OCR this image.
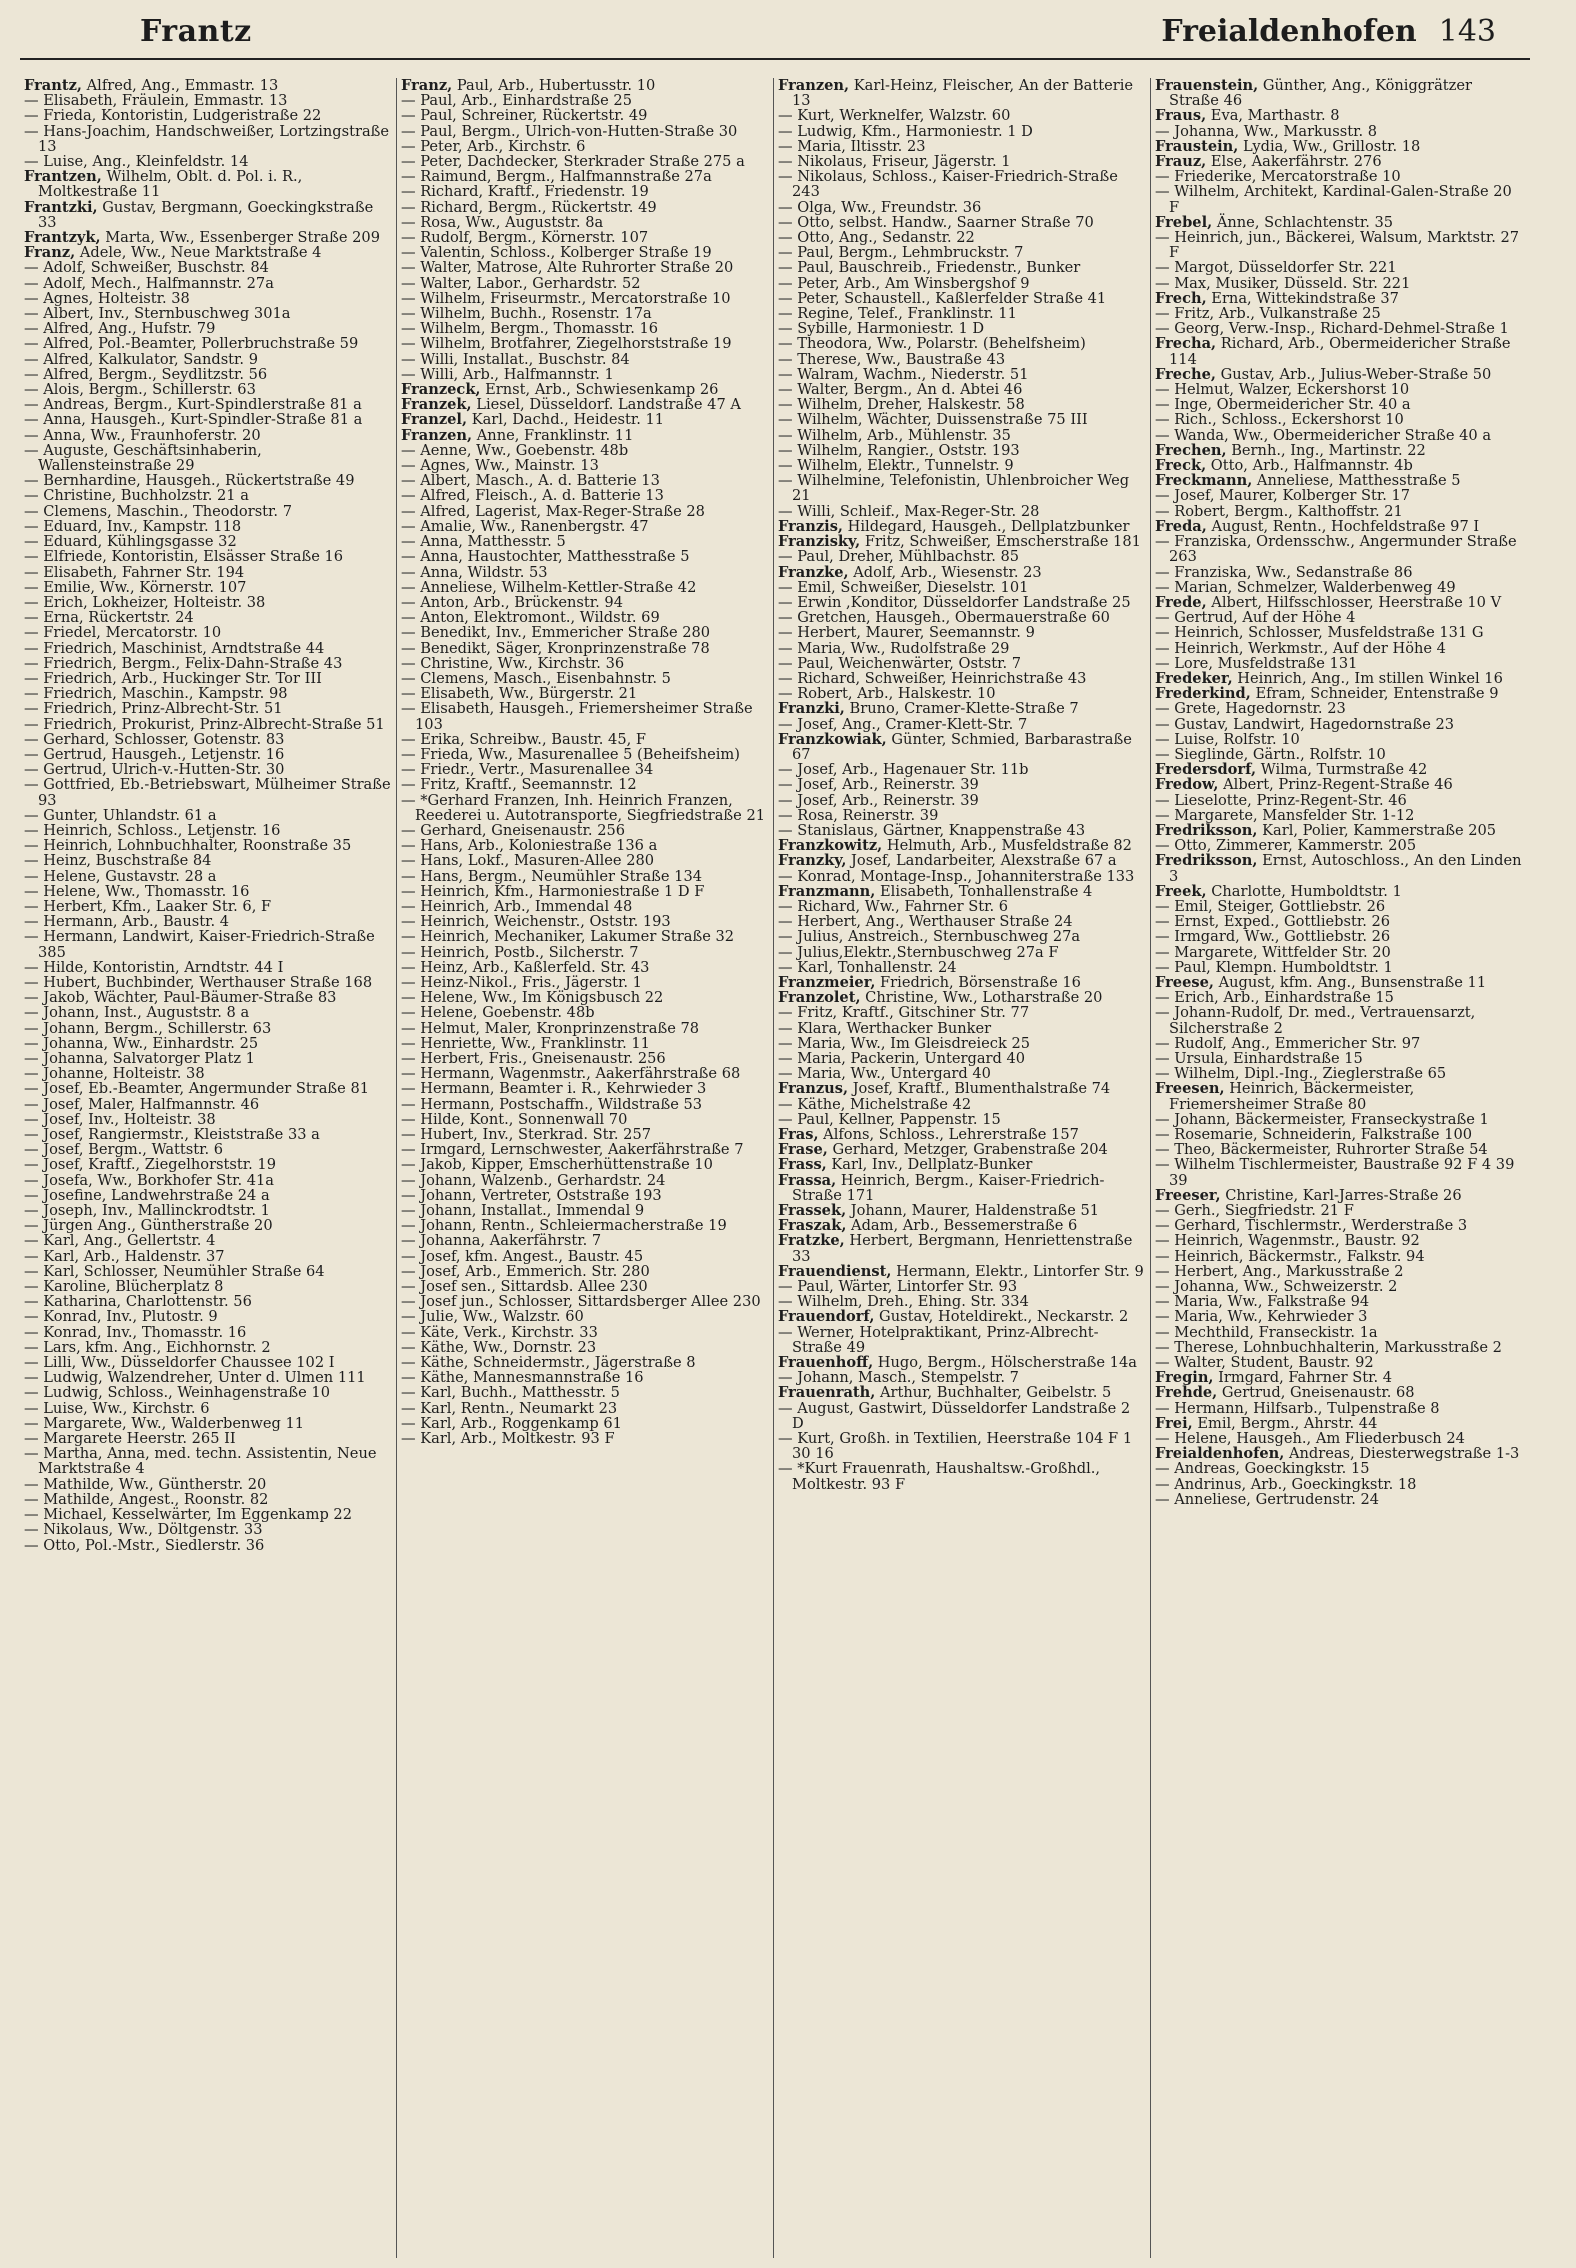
Frantz	Freialdenhofen 143
Frantz, Alfred, Ang., Emmastr. 13
— Elisabeth, Fräulein, Emmastr. 13
— Frieda, Kontoristin, Ludgeristraße 22
— Hans-Joachim, Handschweißer, Lortzingstraße 13
— Luise, Ang., Kleinfeldstr. 14
Frantzen, Wilhelm, Oblt. d. Pol. i. R., Moltkestraße 11
Frantzki, Gustav, Bergmann, Goeckingkstraße 33
Frantzyk, Marta, Ww., Essenberger Straße 209
Franz, Adele, Ww., Neue Marktstraße 4
— Adolf, Schweißer, Buschstr. 84
— Adolf, Mech., Halfmannstr. 27a
— Agnes, Holteistr. 38
— Albert, Inv., Sternbuschweg 301a
— Alfred, Ang., Hufstr. 79
— Alfred, Pol.-Beamter, Pollerbruchstraße 59
— Alfred, Kalkulator, Sandstr. 9
— Alfred, Bergm., Seydlitzstr. 56
— Alois, Bergm., Schillerstr. 63
— Andreas, Bergm., Kurt-Spindlerstraße 81 a
— Anna, Hausgeh., Kurt-Spindler-Straße 81 a
— Anna, Ww., Fraunhoferstr. 20
— Auguste, Geschäftsinhaberin, Wallensteinstraße 29
— Bernhardine, Hausgeh., Rückertstraße 49
— Christine, Buchholzstr. 21 a
— Clemens, Maschin., Theodorstr. 7
— Eduard, Inv., Kampstr. 118
— Eduard, Kühlingsgasse 32
— Elfriede, Kontoristin, Elsässer Straße 16
— Elisabeth, Fahrner Str. 194
— Emilie, Ww., Körnerstr. 107
— Erich, Lokheizer, Holteistr. 38
— Erna, Rückertstr. 24
— Friedel, Mercatorstr. 10
— Friedrich, Maschinist, Arndtstraße 44
— Friedrich, Bergm., Felix-Dahn-Straße 43
— Friedrich, Arb., Huckinger Str. Tor III
— Friedrich, Maschin., Kampstr. 98
— Friedrich, Prinz-Albrecht-Str. 51
— Friedrich, Prokurist, Prinz-Albrecht-Straße 51
— Gerhard, Schlosser, Gotenstr. 83
— Gertrud, Hausgeh., Letjenstr. 16
— Gertrud, Ulrich-v.-Hutten-Str. 30
— Gottfried, Eb.-Betriebswart, Mülheimer Straße 93
— Gunter, Uhlandstr. 61 a
— Heinrich, Schloss., Letjenstr. 16
— Heinrich, Lohnbuchhalter, Roonstraße 35
— Heinz, Buschstraße 84
— Helene, Gustavstr. 28 a
— Helene, Ww., Thomasstr. 16
— Herbert, Kfm., Laaker Str. 6, F
— Hermann, Arb., Baustr. 4
— Hermann, Landwirt, Kaiser-Friedrich-Straße 385
— Hilde, Kontoristin, Arndtstr. 44 I
— Hubert, Buchbinder, Werthauser Straße 168
— Jakob, Wächter, Paul-Bäumer-Straße 83
— Johann, Inst., Auguststr. 8 a
— Johann, Bergm., Schillerstr. 63
— Johanna, Ww., Einhardstr. 25
— Johanna, Salvatorger Platz 1
— Johanne, Holteistr. 38
— Josef, Eb.-Beamter, Angermunder Straße 81
— Josef, Maler, Halfmannstr. 46
— Josef, Inv., Holteistr. 38
— Josef, Rangiermstr., Kleiststraße 33 a
— Josef, Bergm., Wattstr. 6
— Josef, Kraftf., Ziegelhorststr. 19
— Josefa, Ww., Borkhofer Str. 41a
— Josefine, Landwehrstraße 24 a
— Joseph, Inv., Mallinckrodtstr. 1
— Jürgen Ang., Güntherstraße 20
— Karl, Ang., Gellertstr. 4
— Karl, Arb., Haldenstr. 37
— Karl, Schlosser, Neumühler Straße 64
— Karoline, Blücherplatz 8
— Katharina, Charlottenstr. 56
— Konrad, Inv., Plutostr. 9
— Konrad, Inv., Thomasstr. 16
— Lars, kfm. Ang., Eichhornstr. 2
— Lilli, Ww., Düsseldorfer Chaussee 102 I
— Ludwig, Walzendreher, Unter d. Ulmen 111
— Ludwig, Schloss., Weinhagenstraße 10
— Luise, Ww., Kirchstr. 6
— Margarete, Ww., Walderbenweg 11
— Margarete Heerstr. 265 II
— Martha, Anna, med. techn. Assistentin, Neue Marktstraße 4
— Mathilde, Ww., Güntherstr. 20
— Mathilde, Angest., Roonstr. 82
— Michael, Kesselwärter, Im Eggenkamp 22
— Nikolaus, Ww., Döltgenstr. 33
— Otto, Pol.-Mstr., Siedlerstr. 36
Franz, Paul, Arb., Hubertusstr. 10
— Paul, Arb., Einhardstraße 25
— Paul, Schreiner, Rückertstr. 49
— Paul, Bergm., Ulrich-von-Hutten-Straße 30
— Peter, Arb., Kirchstr. 6
— Peter, Dachdecker, Sterkrader Straße 275 a
— Raimund, Bergm., Halfmannstraße 27a
— Richard, Kraftf., Friedenstr. 19
— Richard, Bergm., Rückertstr. 49
— Rosa, Ww., Auguststr. 8a
— Rudolf, Bergm., Körnerstr. 107
— Valentin, Schloss., Kolberger Straße 19
— Walter, Matrose, Alte Ruhrorter Straße 20
— Walter, Labor., Gerhardstr. 52
— Wilhelm, Friseurmstr., Mercatorstraße 10
— Wilhelm, Buchh., Rosenstr. 17a
— Wilhelm, Bergm., Thomasstr. 16
— Wilhelm, Brotfahrer, Ziegelhorststraße 19
— Willi, Installat., Buschstr. 84
— Willi, Arb., Halfmannstr. 1
Franzeck, Ernst, Arb., Schwiesenkamp 26
Franzek, Liesel, Düsseldorf. Landstraße 47 A
Franzel, Karl, Dachd., Heidestr. 11
Franzen, Anne, Franklinstr. 11
— Aenne, Ww., Goebenstr. 48b
— Agnes, Ww., Mainstr. 13
— Albert, Masch., A. d. Batterie 13
— Alfred, Fleisch., A. d. Batterie 13
— Alfred, Lagerist, Max-Reger-Straße 28
— Amalie, Ww., Ranenbergstr. 47
— Anna, Matthesstr. 5
— Anna, Haustochter, Matthesstraße 5
— Anna, Wildstr. 53
— Anneliese, Wilhelm-Kettler-Straße 42
— Anton, Arb., Brückenstr. 94
— Anton, Elektromont., Wildstr. 69
— Benedikt, Inv., Emmericher Straße 280
— Benedikt, Säger, Kronprinzenstraße 78
— Christine, Ww., Kirchstr. 36
— Clemens, Masch., Eisenbahnstr. 5
— Elisabeth, Ww., Bürgerstr. 21
— Elisabeth, Hausgeh., Friemersheimer Straße 103
— Erika, Schreibw., Baustr. 45, F
— Frieda, Ww., Masurenallee 5 (Beheifsheim)
— Friedr., Vertr., Masurenallee 34
— Fritz, Kraftf., Seemannstr. 12
— *Gerhard Franzen, Inh. Heinrich Franzen, Reederei u. Autotransporte, Siegfriedstraße 21
— Gerhard, Gneisenaustr. 256
— Hans, Arb., Koloniestraße 136 a
— Hans, Lokf., Masuren-Allee 280
— Hans, Bergm., Neumühler Straße 134
— Heinrich, Kfm., Harmoniestraße 1 D F
— Heinrich, Arb., Immendal 48
— Heinrich, Weichenstr., Oststr. 193
— Heinrich, Mechaniker, Lakumer Straße 32
— Heinrich, Postb., Silcherstr. 7
— Heinz, Arb., Kaßlerfeld. Str. 43
— Heinz-Nikol., Fris., Jägerstr. 1
— Helene, Ww., Im Königsbusch 22
— Helene, Goebenstr. 48b
— Helmut, Maler, Kronprinzenstraße 78
— Henriette, Ww., Franklinstr. 11
— Herbert, Fris., Gneisenaustr. 256
— Hermann, Wagenmstr., Aakerfährstraße 68
— Hermann, Beamter i. R., Kehrwieder 3
— Hermann, Postschaffn., Wildstraße 53
— Hilde, Kont., Sonnenwall 70
— Hubert, Inv., Sterkrad. Str. 257
— Irmgard, Lernschwester, Aakerfährstraße 7
— Jakob, Kipper, Emscherhüttenstraße 10
— Johann, Walzenb., Gerhardstr. 24
— Johann, Vertreter, Oststraße 193
— Johann, Installat., Immendal 9
— Johann, Rentn., Schleiermacherstraße 19
— Johanna, Aakerfährstr. 7
— Josef, kfm. Angest., Baustr. 45
— Josef, Arb., Emmerich. Str. 280
— Josef sen., Sittardsb. Allee 230
— Josef jun., Schlosser, Sittardsberger Allee 230
— Julie, Ww., Walzstr. 60
— Käte, Verk., Kirchstr. 33
— Käthe, Ww., Dornstr. 23
— Käthe, Schneidermstr., Jägerstraße 8
— Käthe, Mannesmannstraße 16
— Karl, Buchh., Matthesstr. 5
— Karl, Rentn., Neumarkt 23
— Karl, Arb., Roggenkamp 61
— Karl, Arb., Moltkestr. 93 F
Franzen, Karl-Heinz, Fleischer, An der Batterie 13
— Kurt, Werknelfer, Walzstr. 60
— Ludwig, Kfm., Harmoniestr. 1 D
— Maria, Iltisstr. 23
— Nikolaus, Friseur, Jägerstr. 1
— Nikolaus, Schloss., Kaiser-Friedrich-Straße 243
— Olga, Ww., Freundstr. 36
— Otto, selbst. Handw., Saarner Straße 70
— Otto, Ang., Sedanstr. 22
— Paul, Bergm., Lehmbruckstr. 7
— Paul, Bauschreib., Friedenstr., Bunker
— Peter, Arb., Am Winsbergshof 9
— Peter, Schaustell., Kaßlerfelder Straße 41
— Regine, Telef., Franklinstr. 11
— Sybille, Harmoniestr. 1 D
— Theodora, Ww., Polarstr. (Behelfsheim)
— Therese, Ww., Baustraße 43
— Walram, Wachm., Niederstr. 51
— Walter, Bergm., An d. Abtei 46
— Wilhelm, Dreher, Halskestr. 58
— Wilhelm, Wächter, Duissenstraße 75 III
— Wilhelm, Arb., Mühlenstr. 35
— Wilhelm, Rangier., Oststr. 193
— Wilhelm, Elektr., Tunnelstr. 9
— Wilhelmine, Telefonistin, Uhlenbroicher Weg 21
— Willi, Schleif., Max-Reger-Str. 28
Franzis, Hildegard, Hausgeh., Dellplatzbunker
Franzisky, Fritz, Schweißer, Emscherstraße 181
— Paul, Dreher, Mühlbachstr. 85
Franzke, Adolf, Arb., Wiesenstr. 23
— Emil, Schweißer, Dieselstr. 101
— Erwin ,Konditor, Düsseldorfer Landstraße 25
— Gretchen, Hausgeh., Obermauerstraße 60
— Herbert, Maurer, Seemannstr. 9
— Maria, Ww., Rudolfstraße 29
— Paul, Weichenwärter, Oststr. 7
— Richard, Schweißer, Heinrichstraße 43
— Robert, Arb., Halskestr. 10
Franzki, Bruno, Cramer-Klette-Straße 7
— Josef, Ang., Cramer-Klett-Str. 7
Franzkowiak, Günter, Schmied, Barbarastraße 67
— Josef, Arb., Hagenauer Str. 11b
— Josef, Arb., Reinerstr. 39
— Josef, Arb., Reinerstr. 39
— Rosa, Reinerstr. 39
— Stanislaus, Gärtner, Knappenstraße 43
Franzkowitz, Helmuth, Arb., Musfeldstraße 82
Franzky, Josef, Landarbeiter, Alexstraße 67 a
— Konrad, Montage-Insp., Johanniterstraße 133
Franzmann, Elisabeth, Tonhallenstraße 4
— Richard, Ww., Fahrner Str. 6
— Herbert, Ang., Werthauser Straße 24
— Julius, Anstreich., Sternbuschweg 27a
— Julius,Elektr.,Sternbuschweg 27a F
— Karl, Tonhallenstr. 24
Franzmeier, Friedrich, Börsenstraße 16
Franzolet, Christine, Ww., Lotharstraße 20
— Fritz, Kraftf., Gitschiner Str. 77
— Klara, Werthacker Bunker
— Maria, Ww., Im Gleisdreieck 25
— Maria, Packerin, Untergard 40
— Maria, Ww., Untergard 40
Franzus, Josef, Kraftf., Blumenthalstraße 74
— Käthe, Michelstraße 42
— Paul, Kellner, Pappenstr. 15
Fras, Alfons, Schloss., Lehrerstraße 157
Frase, Gerhard, Metzger, Grabenstraße 204
Frass, Karl, Inv., Dellplatz-Bunker
Frassa, Heinrich, Bergm., Kaiser-Friedrich-Straße 171
Frassek, Johann, Maurer, Haldenstraße 51
Fraszak, Adam, Arb., Bessemerstraße 6
Fratzke, Herbert, Bergmann, Henriettenstraße 33
Frauendienst, Hermann, Elektr., Lintorfer Str. 9
— Paul, Wärter, Lintorfer Str. 93
— Wilhelm, Dreh., Ehing. Str. 334
Frauendorf, Gustav, Hoteldirekt., Neckarstr. 2
— Werner, Hotelpraktikant, Prinz-Albrecht-Straße 49
Frauenhoff, Hugo, Bergm., Hölscherstraße 14a
— Johann, Masch., Stempelstr. 7
Frauenrath, Arthur, Buchhalter, Geibelstr. 5
— August, Gastwirt, Düsseldorfer Landstraße 2 D
— Kurt, Großh. in Textilien, Heerstraße 104 F 1 30 16
— *Kurt Frauenrath, Haushaltsw.-Großhdl., Moltkestr. 93 F
Frauenstein, Günther, Ang., Königgrätzer Straße 46
Fraus, Eva, Marthastr. 8
— Johanna, Ww., Markusstr. 8
Fraustein, Lydia, Ww., Grillostr. 18
Frauz, Else, Aakerfährstr. 276
— Friederike, Mercatorstraße 10
— Wilhelm, Architekt, Kardinal-Galen-Straße 20 F
Frebel, Änne, Schlachtenstr. 35
— Heinrich, jun., Bäckerei, Walsum, Marktstr. 27 F
— Margot, Düsseldorfer Str. 221
— Max, Musiker, Düsseld. Str. 221
Frech, Erna, Wittekindstraße 37
— Fritz, Arb., Vulkanstraße 25
— Georg, Verw.-Insp., Richard-Dehmel-Straße 1
Frecha, Richard, Arb., Obermeidericher Straße 114
Freche, Gustav, Arb., Julius-Weber-Straße 50
— Helmut, Walzer, Eckershorst 10
— Inge, Obermeidericher Str. 40 a
— Rich., Schloss., Eckershorst 10
— Wanda, Ww., Obermeidericher Straße 40 a
Frechen, Bernh., Ing., Martinstr. 22
Freck, Otto, Arb., Halfmannstr. 4b
Freckmann, Anneliese, Matthesstraße 5
— Josef, Maurer, Kolberger Str. 17
— Robert, Bergm., Kalthoffstr. 21
Freda, August, Rentn., Hochfeldstraße 97 I
— Franziska, Ordensschw., Angermunder Straße 263
— Franziska, Ww., Sedanstraße 86
— Marian, Schmelzer, Walderbenweg 49
Frede, Albert, Hilfsschlosser, Heerstraße 10 V
— Gertrud, Auf der Höhe 4
— Heinrich, Schlosser, Musfeldstraße 131 G
— Heinrich, Werkmstr., Auf der Höhe 4
— Lore, Musfeldstraße 131
Fredeker, Heinrich, Ang., Im stillen Winkel 16
Frederkind, Efram, Schneider, Entenstraße 9
— Grete, Hagedornstr. 23
— Gustav, Landwirt, Hagedornstraße 23
— Luise, Rolfstr. 10
— Sieglinde, Gärtn., Rolfstr. 10
Fredersdorf, Wilma, Turmstraße 42
Fredow, Albert, Prinz-Regent-Straße 46
— Lieselotte, Prinz-Regent-Str. 46
— Margarete, Mansfelder Str. 1-12
Fredriksson, Karl, Polier, Kammerstraße 205
— Otto, Zimmerer, Kammerstr. 205
Fredriksson, Ernst, Autoschloss., An den Linden 3
Freek, Charlotte, Humboldtstr. 1
— Emil, Steiger, Gottliebstr. 26
— Ernst, Exped., Gottliebstr. 26
— Irmgard, Ww., Gottliebstr. 26
— Margarete, Wittfelder Str. 20
— Paul, Klempn. Humboldtstr. 1
Freese, August, kfm. Ang., Bunsenstraße 11
— Erich, Arb., Einhardstraße 15
— Johann-Rudolf, Dr. med., Vertrauensarzt, Silcherstraße 2
— Rudolf, Ang., Emmericher Str. 97
— Ursula, Einhardstraße 15
— Wilhelm, Dipl.-Ing., Zieglerstraße 65
Freesen, Heinrich, Bäckermeister, Friemersheimer Straße 80
— Johann, Bäckermeister, Franseckystraße 1
— Rosemarie, Schneiderin, Falkstraße 100
— Theo, Bäckermeister, Ruhrorter Straße 54
— Wilhelm Tischlermeister, Baustraße 92 F 4 39 39
Freeser, Christine, Karl-Jarres-Straße 26
— Gerh., Siegfriedstr. 21 F
— Gerhard, Tischlermstr., Werderstraße 3
— Heinrich, Wagenmstr., Baustr. 92
— Heinrich, Bäckermstr., Falkstr. 94
— Herbert, Ang., Markusstraße 2
— Johanna, Ww., Schweizerstr. 2
— Maria, Ww., Falkstraße 94
— Maria, Ww., Kehrwieder 3
— Mechthild, Franseckistr. 1a
— Therese, Lohnbuchhalterin, Markusstraße 2
— Walter, Student, Baustr. 92
Fregin, Irmgard, Fahrner Str. 4
Frehde, Gertrud, Gneisenaustr. 68
— Hermann, Hilfsarb., Tulpenstraße 8
Frei, Emil, Bergm., Ahrstr. 44
— Helene, Hausgeh., Am Fliederbusch 24
Freialdenhofen, Andreas, Diesterwegstraße 1-3
— Andreas, Goeckingkstr. 15
— Andrinus, Arb., Goeckingkstr. 18
— Anneliese, Gertrudenstr. 24
